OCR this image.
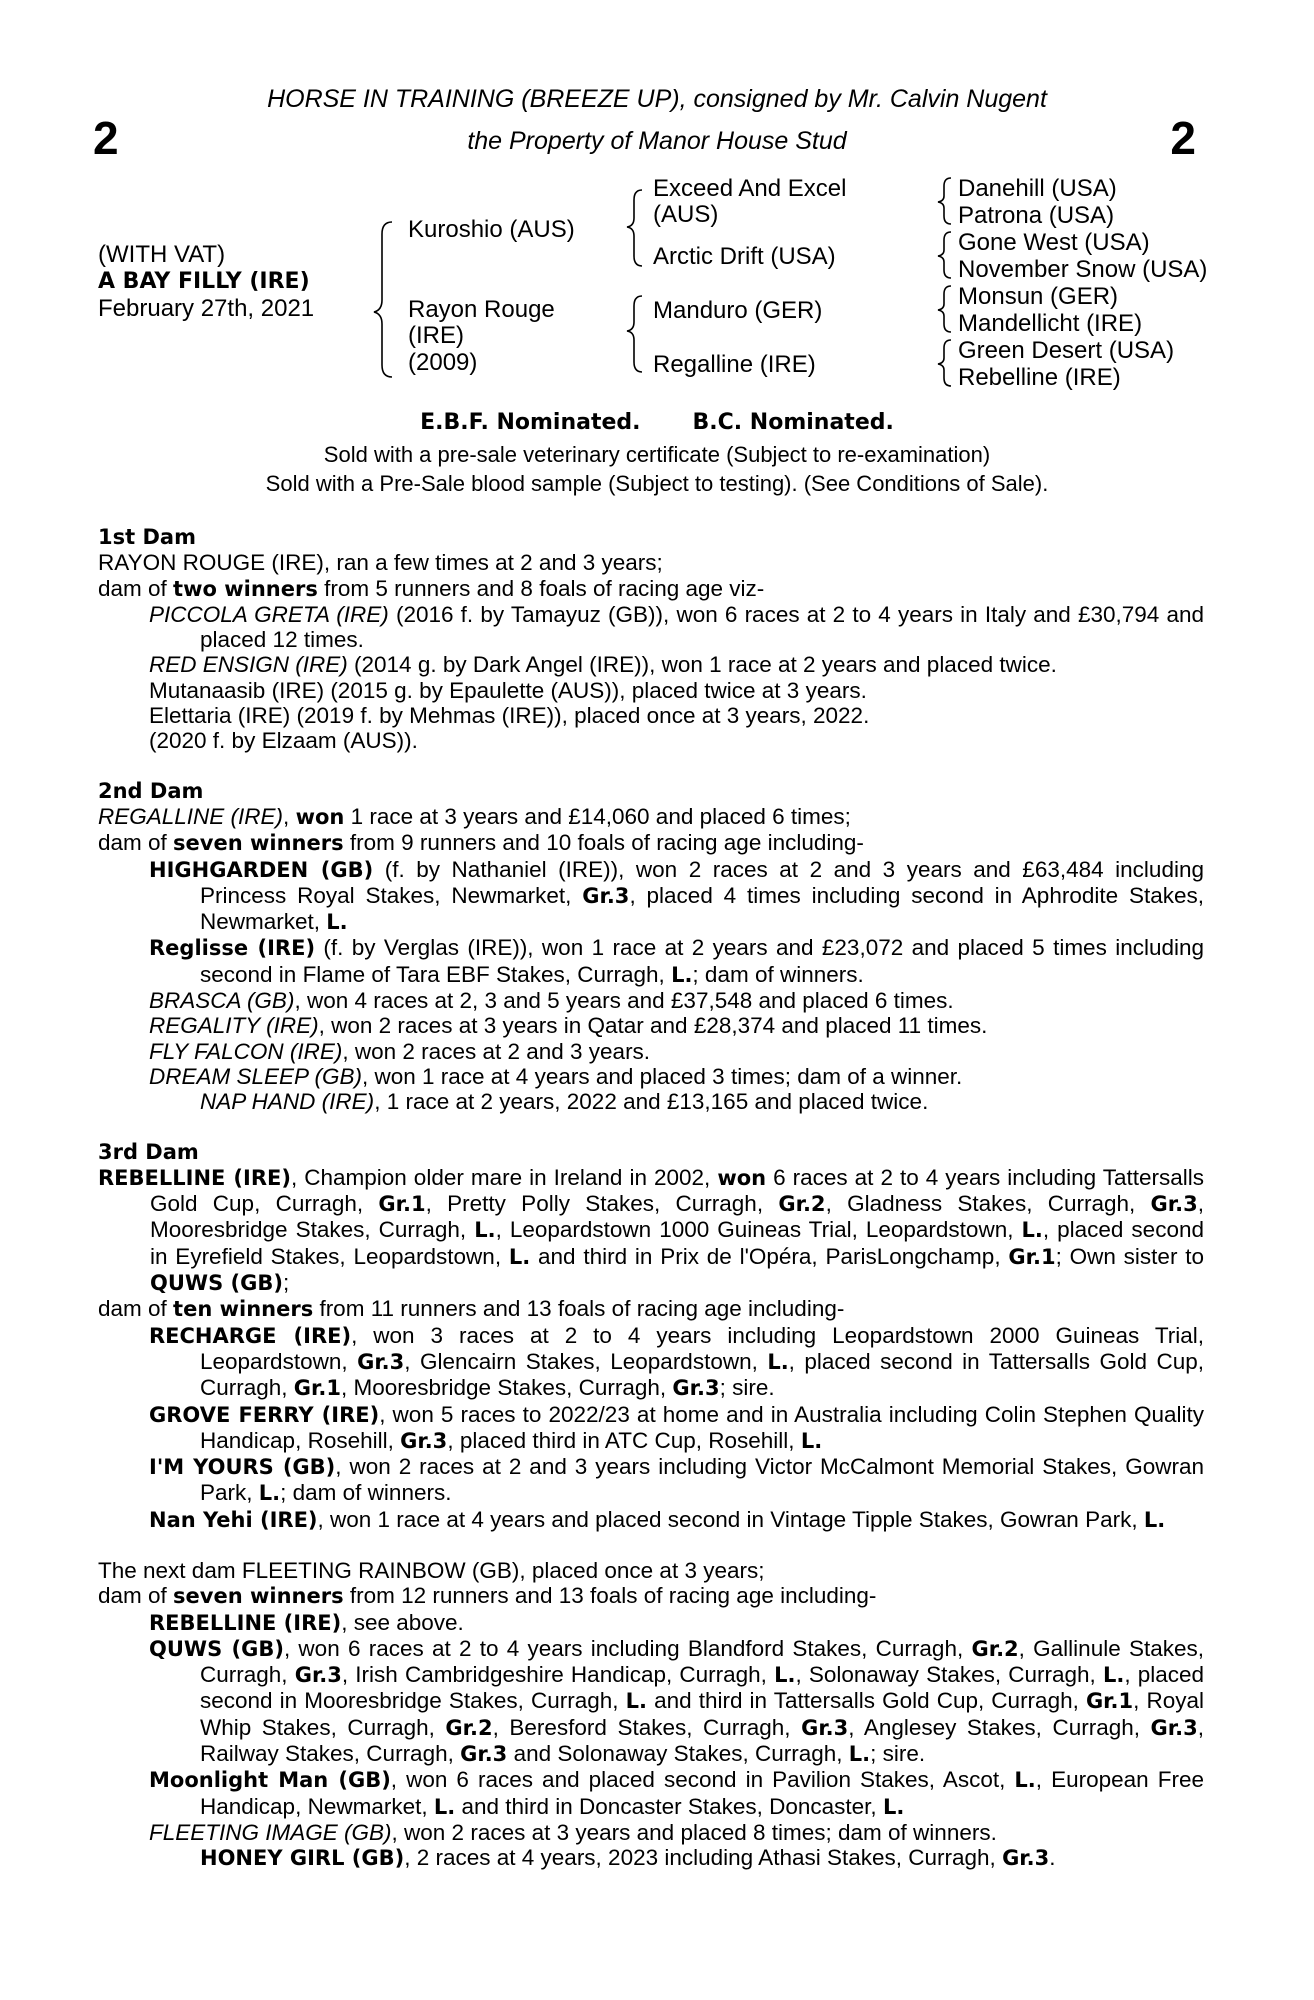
2	2
HORSE IN TRAINING (BREEZE UP), consigned by Mr. Calvin Nugent
the Property of Manor House Stud
(WITH VAT)
A BAY FILLY (IRE)
February 27th, 2021
Kuroshio (AUS)
Rayon Rouge
(IRE)
(2009)
Exceed And Excel
(AUS)
Arctic Drift (USA)
Manduro (GER)
Regalline (IRE)
Danehill (USA)
Patrona (USA)
Gone West (USA)
November Snow (USA)
Monsun (GER)
Mandellicht (IRE)
Green Desert (USA)
Rebelline (IRE)
E.B.F. Nominated. B.C. Nominated.
Sold with a pre-sale veterinary certificate (Subject to re-examination)
Sold with a Pre-Sale blood sample (Subject to testing). (See Conditions of Sale).
1st Dam
RAYON ROUGE (IRE), ran a few times at 2 and 3 years;
dam of two winners from 5 runners and 8 foals of racing age viz-
PICCOLA GRETA (IRE) (2016 f. by Tamayuz (GB)), won 6 races at 2 to 4 years in Italy and £30,794 and placed 12 times.
RED ENSIGN (IRE) (2014 g. by Dark Angel (IRE)), won 1 race at 2 years and placed twice.
Mutanaasib (IRE) (2015 g. by Epaulette (AUS)), placed twice at 3 years.
Elettaria (IRE) (2019 f. by Mehmas (IRE)), placed once at 3 years, 2022.
(2020 f. by Elzaam (AUS)).
2nd Dam
REGALLINE (IRE), won 1 race at 3 years and £14,060 and placed 6 times;
dam of seven winners from 9 runners and 10 foals of racing age including-
HIGHGARDEN (GB) (f. by Nathaniel (IRE)), won 2 races at 2 and 3 years and £63,484 including Princess Royal Stakes, Newmarket, Gr.3, placed 4 times including second in Aphrodite Stakes, Newmarket, L.
Reglisse (IRE) (f. by Verglas (IRE)), won 1 race at 2 years and £23,072 and placed 5 times including second in Flame of Tara EBF Stakes, Curragh, L.; dam of winners.
BRASCA (GB), won 4 races at 2, 3 and 5 years and £37,548 and placed 6 times.
REGALITY (IRE), won 2 races at 3 years in Qatar and £28,374 and placed 11 times.
FLY FALCON (IRE), won 2 races at 2 and 3 years.
DREAM SLEEP (GB), won 1 race at 4 years and placed 3 times; dam of a winner.
NAP HAND (IRE), 1 race at 2 years, 2022 and £13,165 and placed twice.
3rd Dam
REBELLINE (IRE), Champion older mare in Ireland in 2002, won 6 races at 2 to 4 years including Tattersalls Gold Cup, Curragh, Gr.1, Pretty Polly Stakes, Curragh, Gr.2, Gladness Stakes, Curragh, Gr.3, Mooresbridge Stakes, Curragh, L., Leopardstown 1000 Guineas Trial, Leopardstown, L., placed second in Eyrefield Stakes, Leopardstown, L. and third in Prix de l'Opéra, ParisLongchamp, Gr.1; Own sister to QUWS (GB);
dam of ten winners from 11 runners and 13 foals of racing age including-
RECHARGE (IRE), won 3 races at 2 to 4 years including Leopardstown 2000 Guineas Trial, Leopardstown, Gr.3, Glencairn Stakes, Leopardstown, L., placed second in Tattersalls Gold Cup, Curragh, Gr.1, Mooresbridge Stakes, Curragh, Gr.3; sire.
GROVE FERRY (IRE), won 5 races to 2022/23 at home and in Australia including Colin Stephen Quality Handicap, Rosehill, Gr.3, placed third in ATC Cup, Rosehill, L.
I'M YOURS (GB), won 2 races at 2 and 3 years including Victor McCalmont Memorial Stakes, Gowran Park, L.; dam of winners.
Nan Yehi (IRE), won 1 race at 4 years and placed second in Vintage Tipple Stakes, Gowran Park, L.
The next dam FLEETING RAINBOW (GB), placed once at 3 years;
dam of seven winners from 12 runners and 13 foals of racing age including-
REBELLINE (IRE), see above.
QUWS (GB), won 6 races at 2 to 4 years including Blandford Stakes, Curragh, Gr.2, Gallinule Stakes, Curragh, Gr.3, Irish Cambridgeshire Handicap, Curragh, L., Solonaway Stakes, Curragh, L., placed second in Mooresbridge Stakes, Curragh, L. and third in Tattersalls Gold Cup, Curragh, Gr.1, Royal Whip Stakes, Curragh, Gr.2, Beresford Stakes, Curragh, Gr.3, Anglesey Stakes, Curragh, Gr.3, Railway Stakes, Curragh, Gr.3 and Solonaway Stakes, Curragh, L.; sire.
Moonlight Man (GB), won 6 races and placed second in Pavilion Stakes, Ascot, L., European Free Handicap, Newmarket, L. and third in Doncaster Stakes, Doncaster, L.
FLEETING IMAGE (GB), won 2 races at 3 years and placed 8 times; dam of winners.
HONEY GIRL (GB), 2 races at 4 years, 2023 including Athasi Stakes, Curragh, Gr.3.
